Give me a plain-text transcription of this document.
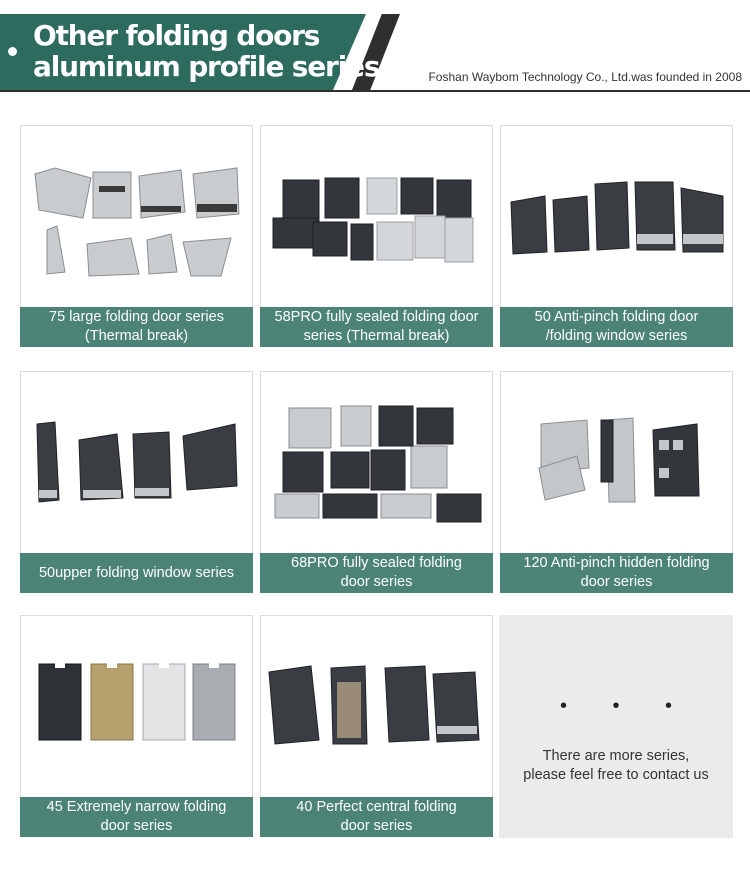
Other folding doors
aluminum profile series	Foshan Waybom Technology Co., Ltd.was founded in 2008
75 large folding door series
(Thermal break)
58PRO fully sealed folding door
series (Thermal break)
50 Anti-pinch folding door
/folding window series
50upper folding window series
68PRO fully sealed folding
door series
120 Anti-pinch hidden folding
door series
45 Extremely narrow folding
door series
40 Perfect central folding
door series
• • •
There are more series,
please feel free to contact us
